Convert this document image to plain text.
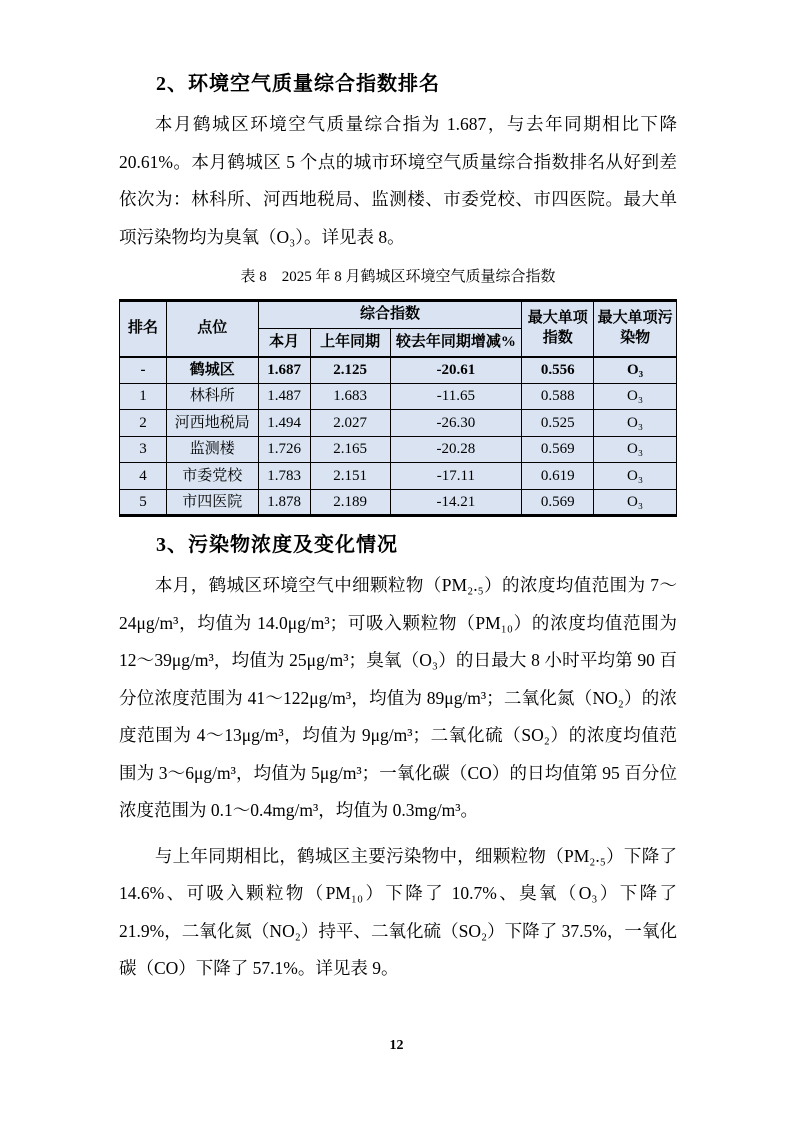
2、环境空气质量综合指数排名
本月鹤城区环境空气质量综合指为 1.687，与去年同期相比下降 20.61%。本月鹤城区 5 个点的城市环境空气质量综合指数排名从好到差依次为：林科所、河西地税局、监测楼、市委党校、市四医院。最大单项污染物均为臭氧（O₃）。详见表 8。
表 8　2025 年 8 月鹤城区环境空气质量综合指数
排名	点位	综合指数			最大单项指数	最大单项污染物
		本月	上年同期	较去年同期增减%		
-	鹤城区	1.687	2.125	-20.61	0.556	O₃
1	林科所	1.487	1.683	-11.65	0.588	O₃
2	河西地税局	1.494	2.027	-26.30	0.525	O₃
3	监测楼	1.726	2.165	-20.28	0.569	O₃
4	市委党校	1.783	2.151	-17.11	0.619	O₃
5	市四医院	1.878	2.189	-14.21	0.569	O₃
3、污染物浓度及变化情况
本月，鹤城区环境空气中细颗粒物（PM₂.₅）的浓度均值范围为 7～24μg/m³，均值为 14.0μg/m³；可吸入颗粒物（PM₁₀）的浓度均值范围为 12～39μg/m³，均值为 25μg/m³；臭氧（O₃）的日最大 8 小时平均第 90 百分位浓度范围为 41～122μg/m³，均值为 89μg/m³；二氧化氮（NO₂）的浓度范围为 4～13μg/m³，均值为 9μg/m³；二氧化硫（SO₂）的浓度均值范围为 3～6μg/m³，均值为 5μg/m³；一氧化碳（CO）的日均值第 95 百分位浓度范围为 0.1～0.4mg/m³，均值为 0.3mg/m³。
与上年同期相比，鹤城区主要污染物中，细颗粒物（PM₂.₅）下降了 14.6%、可吸入颗粒物（PM₁₀）下降了 10.7%、臭氧（O₃）下降了 21.9%，二氧化氮（NO₂）持平、二氧化硫（SO₂）下降了 37.5%，一氧化碳（CO）下降了 57.1%。详见表 9。
12
